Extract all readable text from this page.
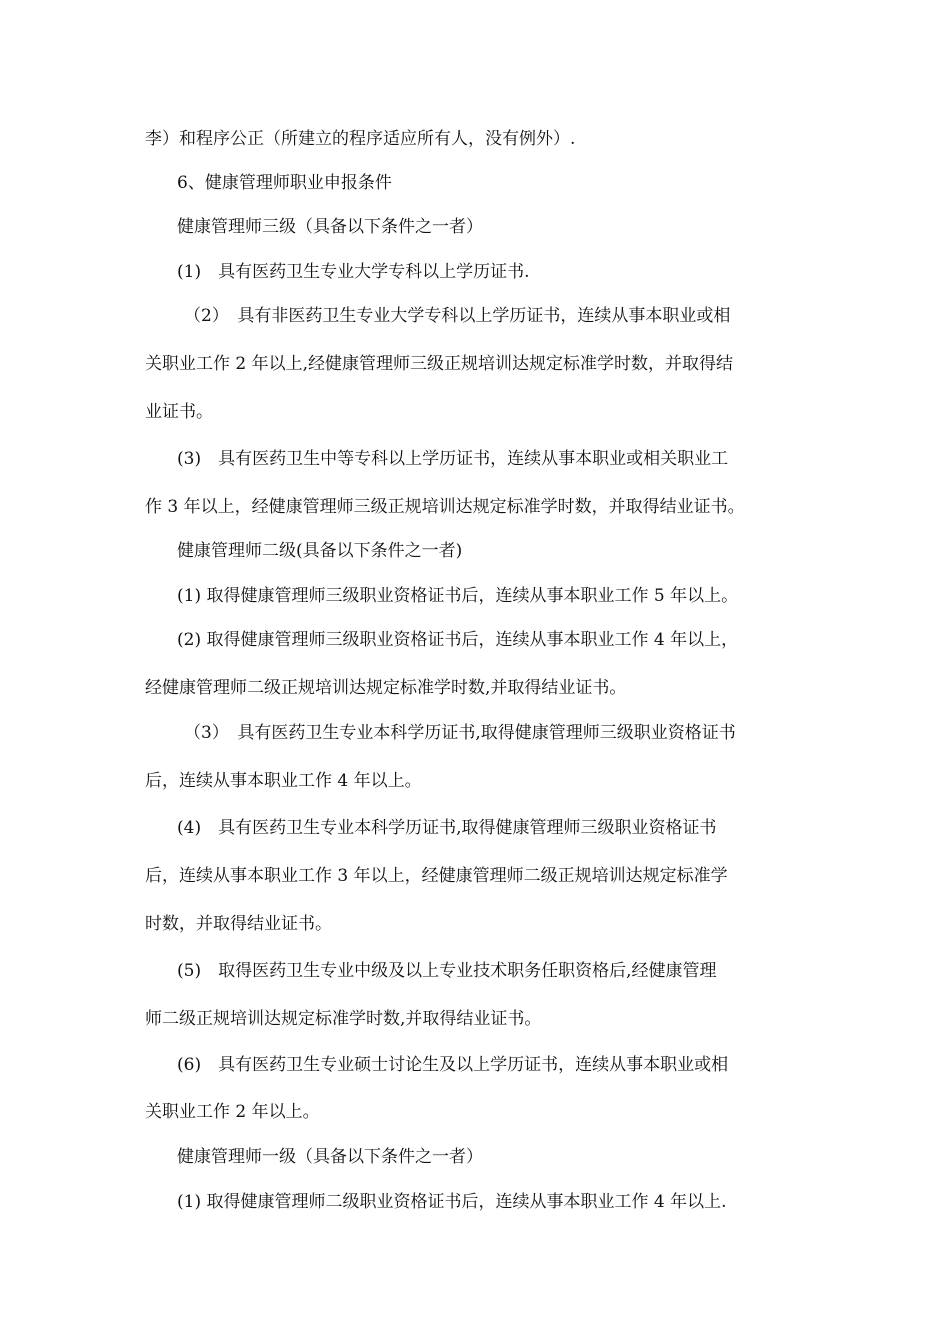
李）和程序公正（所建立的程序适应所有人，没有例外）.
6、健康管理师职业申报条件
健康管理师三级（具备以下条件之一者）
(1)　具有医药卫生专业大学专科以上学历证书.
（2）　具有非医药卫生专业大学专科以上学历证书，连续从事本职业或相
关职业工作 2 年以上,经健康管理师三级正规培训达规定标准学时数，并取得结
业证书。
(3)　具有医药卫生中等专科以上学历证书，连续从事本职业或相关职业工
作 3 年以上，经健康管理师三级正规培训达规定标准学时数，并取得结业证书。
健康管理师二级(具备以下条件之一者)
(1) 取得健康管理师三级职业资格证书后，连续从事本职业工作 5 年以上。
(2) 取得健康管理师三级职业资格证书后，连续从事本职业工作 4 年以上，
经健康管理师二级正规培训达规定标准学时数,并取得结业证书。
（3）　具有医药卫生专业本科学历证书,取得健康管理师三级职业资格证书
后，连续从事本职业工作 4 年以上。
(4)　具有医药卫生专业本科学历证书,取得健康管理师三级职业资格证书
后，连续从事本职业工作 3 年以上，经健康管理师二级正规培训达规定标准学
时数，并取得结业证书。
(5)　取得医药卫生专业中级及以上专业技术职务任职资格后,经健康管理
师二级正规培训达规定标准学时数,并取得结业证书。
(6)　具有医药卫生专业硕士讨论生及以上学历证书，连续从事本职业或相
关职业工作 2 年以上。
健康管理师一级（具备以下条件之一者）
(1) 取得健康管理师二级职业资格证书后，连续从事本职业工作 4 年以上.
